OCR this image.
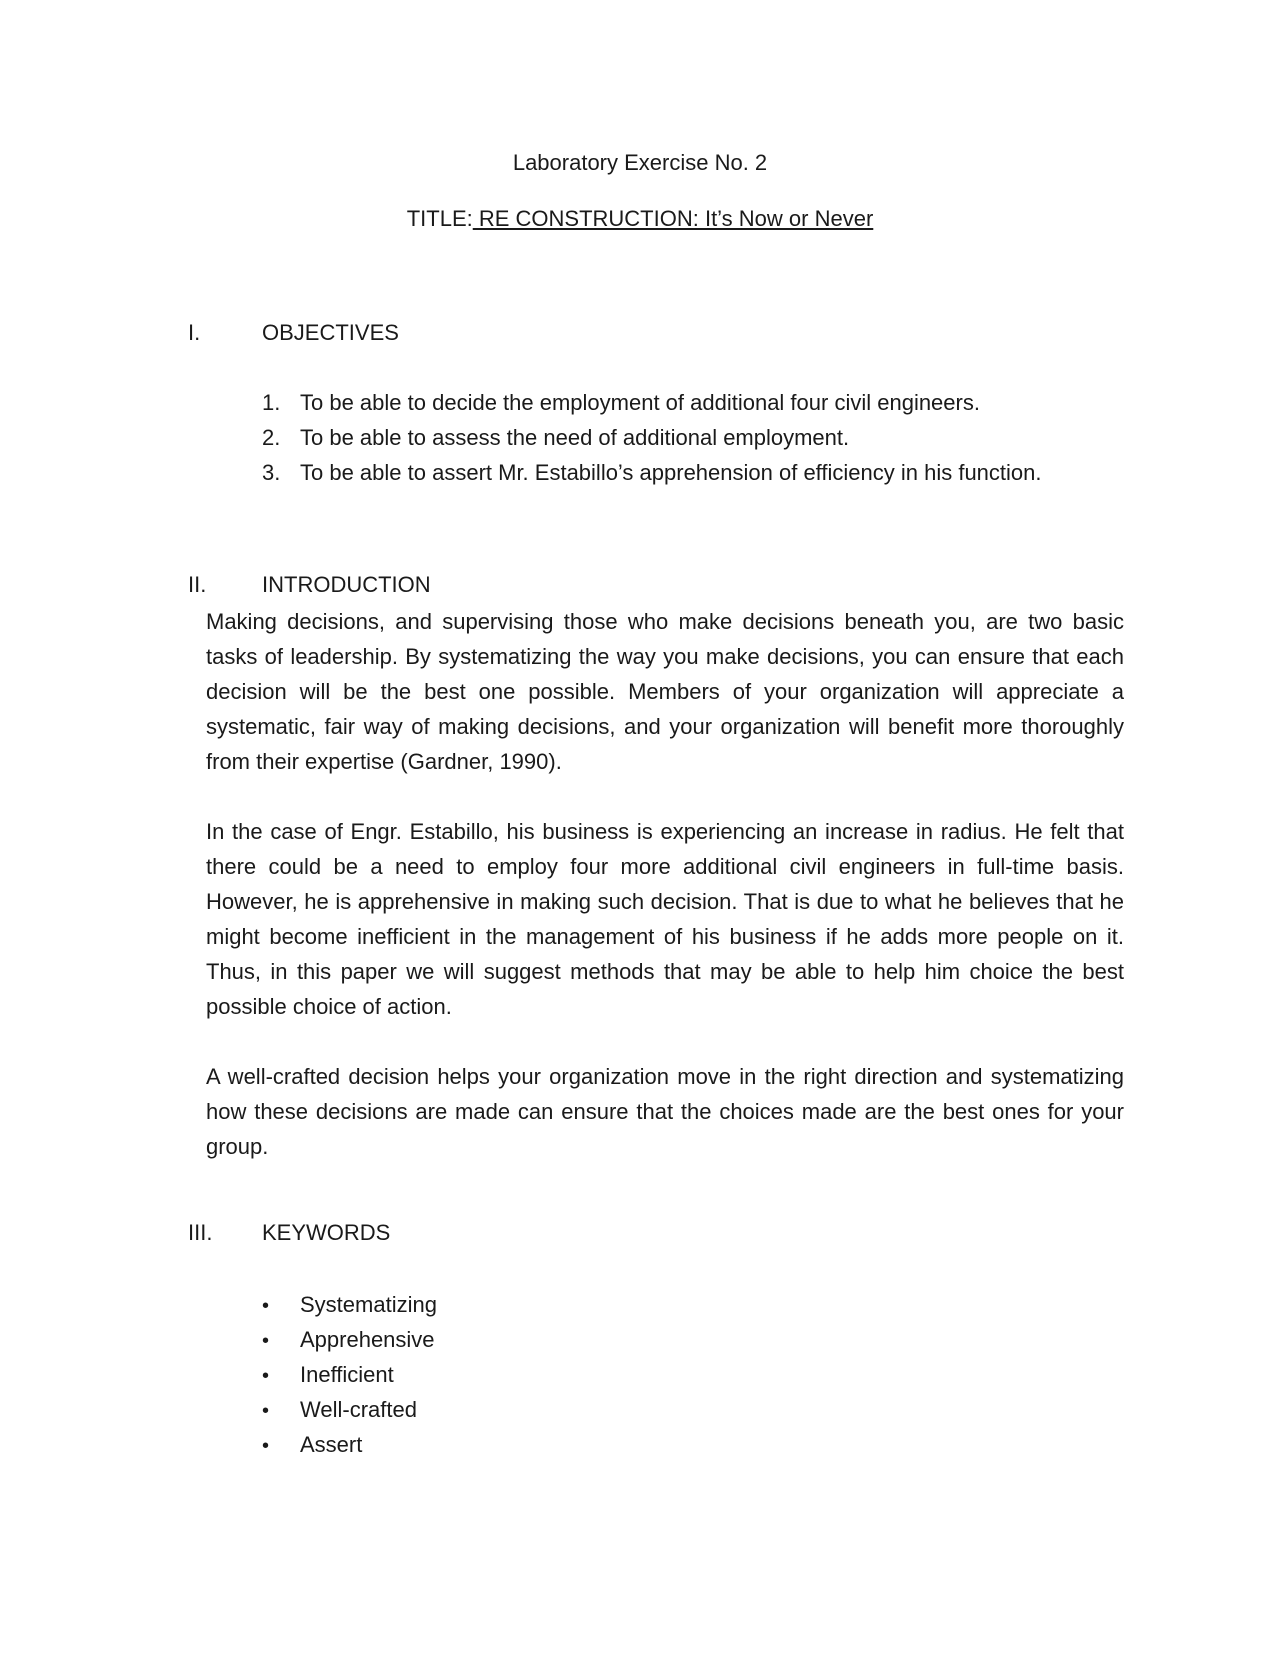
Laboratory Exercise No. 2
TITLE: RE CONSTRUCTION: It’s Now or Never
I.	OBJECTIVES
1. To be able to decide the employment of additional four civil engineers.
2. To be able to assess the need of additional employment.
3. To be able to assert Mr. Estabillo’s apprehension of efficiency in his function.
II.	INTRODUCTION

Making decisions, and supervising those who make decisions beneath you, are two basic tasks of leadership. By systematizing the way you make decisions, you can ensure that each decision will be the best one possible. Members of your organization will appreciate a systematic, fair way of making decisions, and your organization will benefit more thoroughly from their expertise (Gardner, 1990).

In the case of Engr. Estabillo, his business is experiencing an increase in radius. He felt that there could be a need to employ four more additional civil engineers in full-time basis. However, he is apprehensive in making such decision. That is due to what he believes that he might become inefficient in the management of his business if he adds more people on it. Thus, in this paper we will suggest methods that may be able to help him choice the best possible choice of action.

A well-crafted decision helps your organization move in the right direction and systematizing how these decisions are made can ensure that the choices made are the best ones for your group.

III. KEYWORDS
• Systematizing
• Apprehensive
• Inefficient
• Well-crafted
• Assert
